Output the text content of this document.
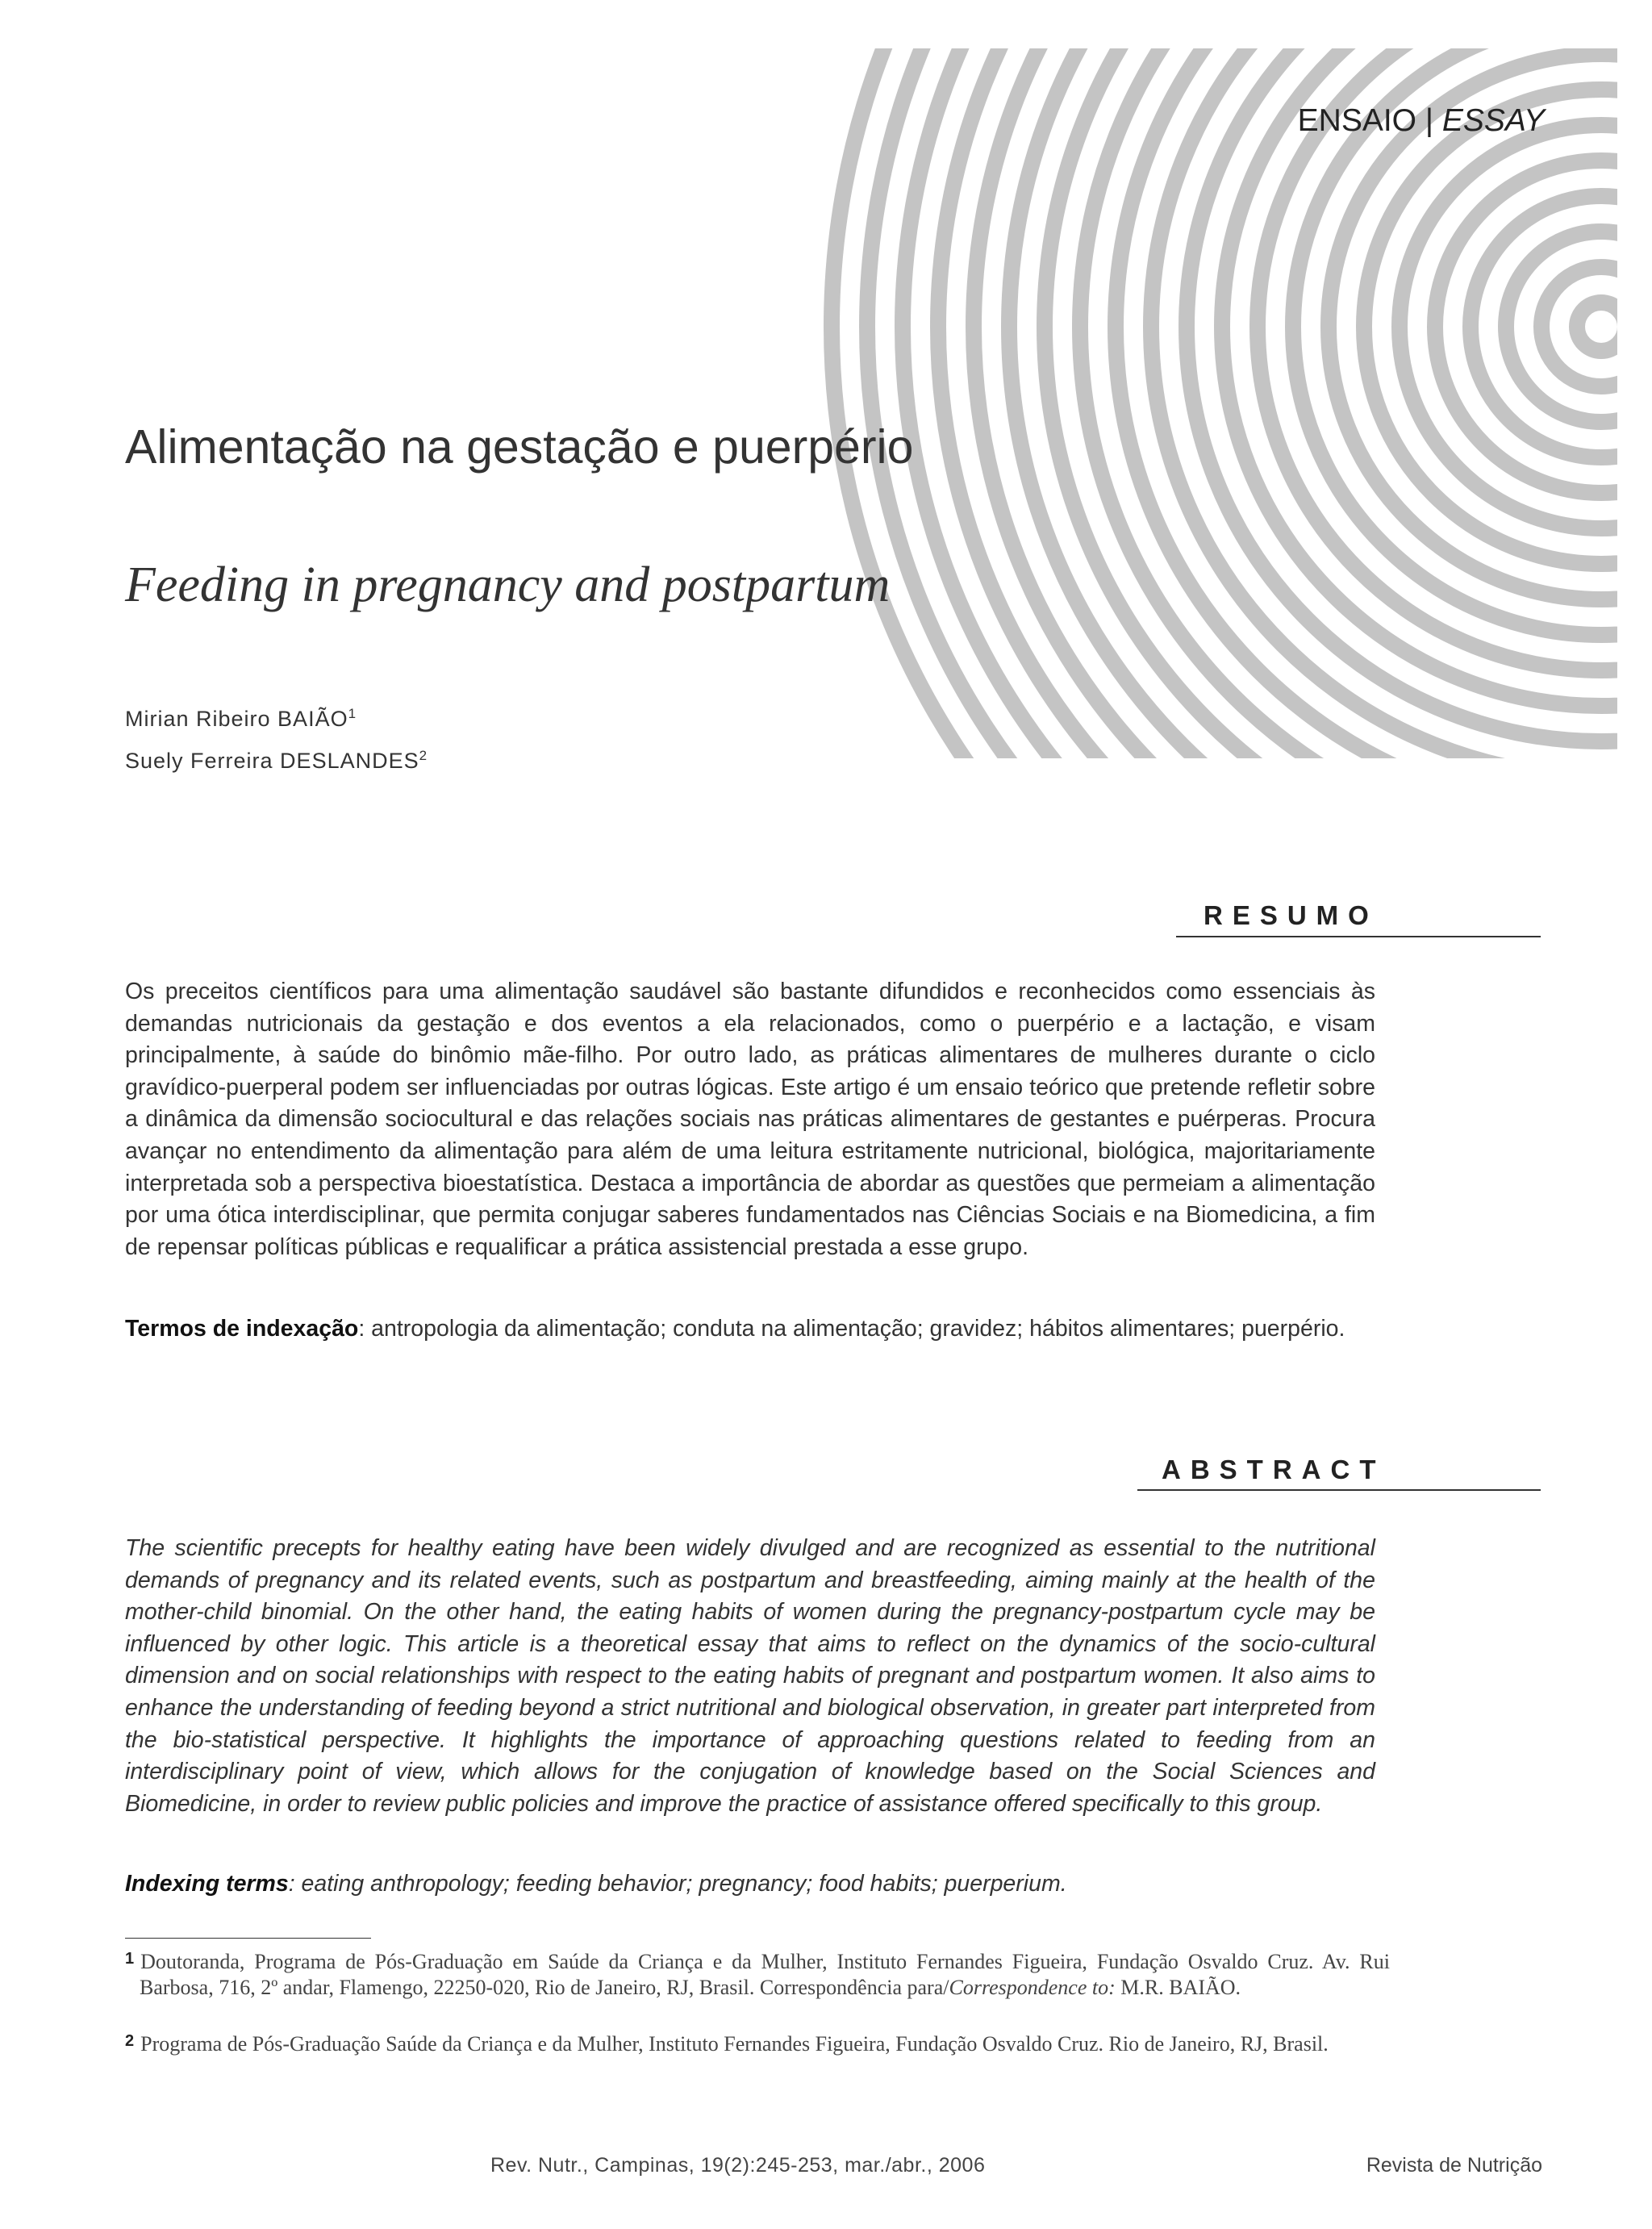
ENSAIO | ESSAY
Alimentação na gestação e puerpério
Feeding in pregnancy and postpartum
Mirian Ribeiro BAIÃO$^1$
Suely Ferreira DESLANDES$^2$
RESUMO
Os preceitos científicos para uma alimentação saudável são bastante difundidos e reconhecidos como essenciais às demandas nutricionais da gestação e dos eventos a ela relacionados, como o puerpério e a lactação, e visam principalmente, à saúde do binômio mãe-filho. Por outro lado, as práticas alimentares de mulheres durante o ciclo gravídico-puerperal podem ser influenciadas por outras lógicas. Este artigo é um ensaio teórico que pretende refletir sobre a dinâmica da dimensão sociocultural e das relações sociais nas práticas alimentares de gestantes e puérperas. Procura avançar no entendimento da alimentação para além de uma leitura estritamente nutricional, biológica, majoritariamente interpretada sob a perspectiva bioestatística. Destaca a importância de abordar as questões que permeiam a alimentação por uma ótica interdisciplinar, que permita conjugar saberes fundamentados nas Ciências Sociais e na Biomedicina, a fim de repensar políticas públicas e requalificar a prática assistencial prestada a esse grupo.
Termos de indexação: antropologia da alimentação; conduta na alimentação; gravidez; hábitos alimentares; puerpério.
ABSTRACT
The scientific precepts for healthy eating have been widely divulged and are recognized as essential to the nutritional demands of pregnancy and its related events, such as postpartum and breastfeeding, aiming mainly at the health of the mother-child binomial. On the other hand, the eating habits of women during the pregnancy-postpartum cycle may be influenced by other logic. This article is a theoretical essay that aims to reflect on the dynamics of the socio-cultural dimension and on social relationships with respect to the eating habits of pregnant and postpartum women. It also aims to enhance the understanding of feeding beyond a strict nutritional and biological observation, in greater part interpreted from the bio-statistical perspective. It highlights the importance of approaching questions related to feeding from an interdisciplinary point of view, which allows for the conjugation of knowledge based on the Social Sciences and Biomedicine, in order to review public policies and improve the practice of assistance offered specifically to this group.
Indexing terms: eating anthropology; feeding behavior; pregnancy; food habits; puerperium.
$^1$ Doutoranda, Programa de Pós-Graduação em Saúde da Criança e da Mulher, Instituto Fernandes Figueira, Fundação Osvaldo Cruz. Av. Rui Barbosa, 716, 2º andar, Flamengo, 22250-020, Rio de Janeiro, RJ, Brasil. Correspondência para/Correspondence to: M.R. BAIÃO.
$^2$ Programa de Pós-Graduação Saúde da Criança e da Mulher, Instituto Fernandes Figueira, Fundação Osvaldo Cruz. Rio de Janeiro, RJ, Brasil.
Rev. Nutr., Campinas, 19(2):245-253, mar./abr., 2006	Revista de Nutrição
